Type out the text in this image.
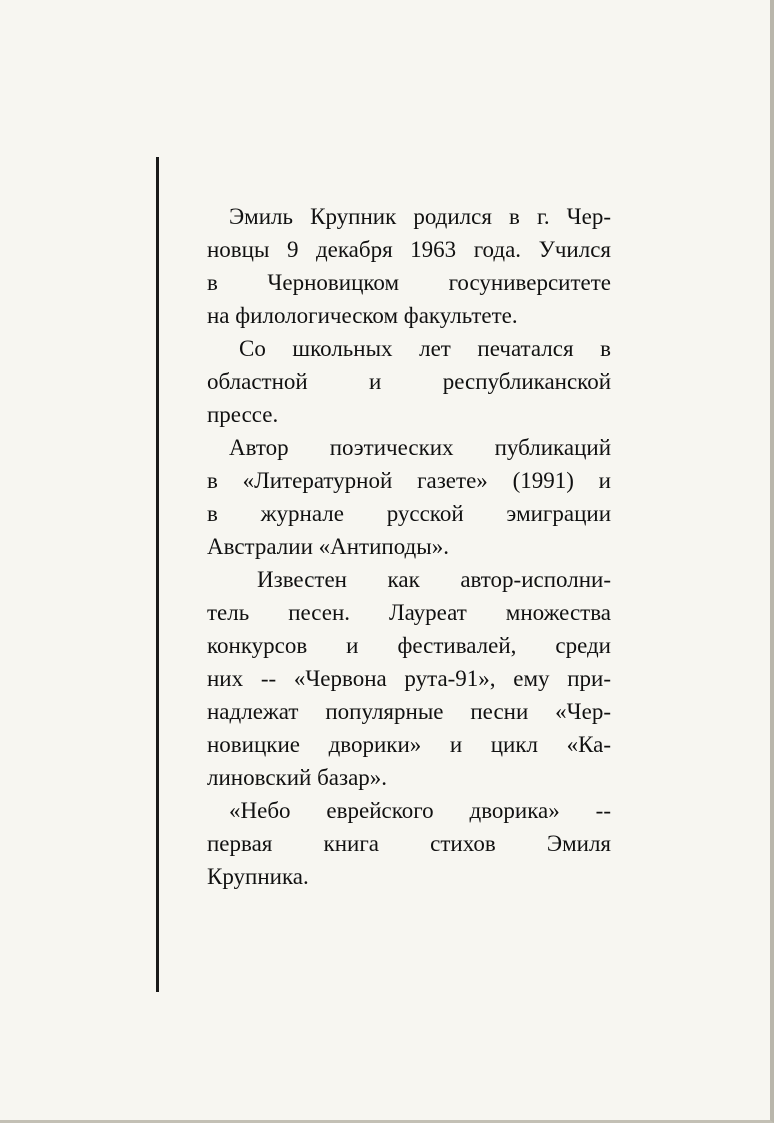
Эмиль Крупник родился в г. Чер-
новцы 9 декабря 1963 года. Учился
в Черновицком госуниверситете
на филологическом факультете.
Со школьных лет печатался в
областной и республиканской
прессе.
Автор поэтических публикаций
в «Литературной газете» (1991) и
в журнале русской эмиграции
Австралии «Антиподы».
Известен как автор-исполни-
тель песен. Лауреат множества
конкурсов и фестивалей, среди
них -- «Червона рута-91», ему при-
надлежат популярные песни «Чер-
новицкие дворики» и цикл «Ка-
линовский базар».
«Небо еврейского дворика» --
первая книга стихов Эмиля
Крупника.
